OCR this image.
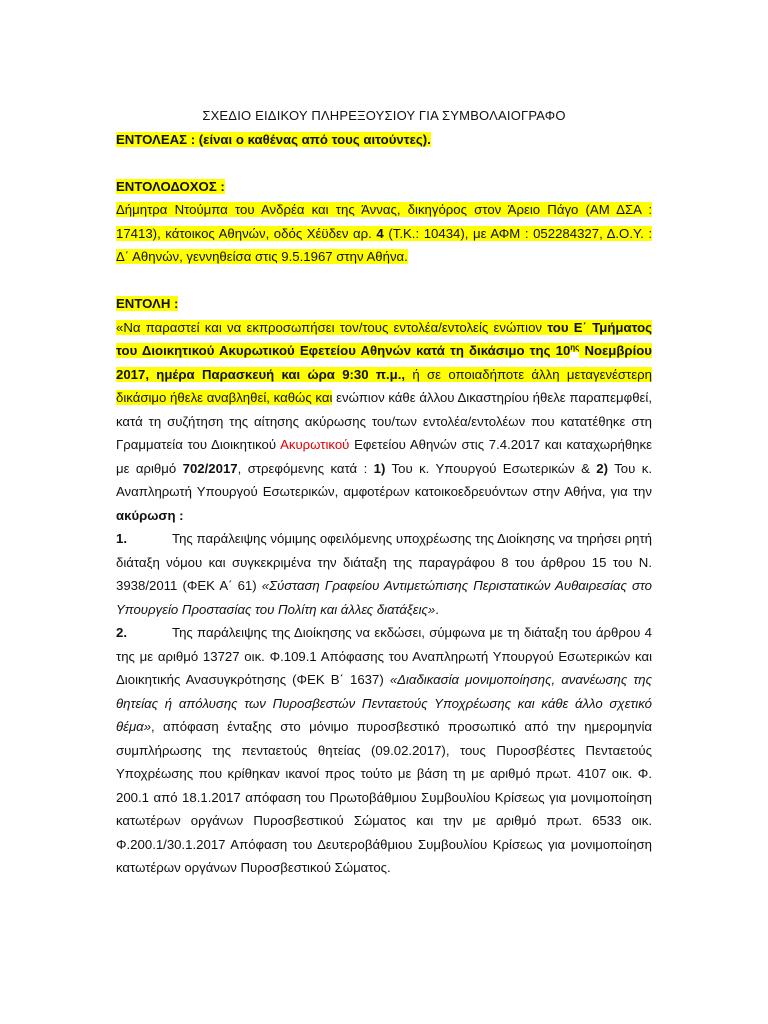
ΣΧΕΔΙΟ ΕΙΔΙΚΟΥ ΠΛΗΡΕΞΟΥΣΙΟΥ ΓΙΑ ΣΥΜΒΟΛΑΙΟΓΡΑΦΟ

ΕΝΤΟΛΕΑΣ : (είναι ο καθένας από τους αιτούντες).

ΕΝΤΟΛΟΔΟΧΟΣ :

Δήμητρα Ντούμπα του Ανδρέα και της Άννας, δικηγόρος στον Άρειο Πάγο (ΑΜ ΔΣΑ : 17413), κάτοικος Αθηνών, οδός Χέϋδεν αρ. 4 (Τ.Κ.: 10434), με ΑΦΜ : 052284327, Δ.Ο.Υ. : Δ΄ Αθηνών, γεννηθείσα στις 9.5.1967 στην Αθήνα.

ΕΝΤΟΛΗ :

«Να παραστεί και να εκπροσωπήσει τον/τους εντολέα/εντολείς ενώπιον του Ε΄ Τμήματος του Διοικητικού Ακυρωτικού Εφετείου Αθηνών κατά τη δικάσιμο της $10^{\eta\varsigma}$ Νοεμβρίου 2017, ημέρα Παρασκευή και ώρα 9:30 π.μ., ή σε οποιαδήποτε άλλη μεταγενέστερη δικάσιμο ήθελε αναβληθεί, καθώς και ενώπιον κάθε άλλου Δικαστηρίου ήθελε παραπεμφθεί, κατά τη συζήτηση της αίτησης ακύρωσης του/των εντολέα/εντολέων που κατατέθηκε στη Γραμματεία του Διοικητικού Ακυρωτικού Εφετείου Αθηνών στις 7.4.2017 και καταχωρήθηκε με αριθμό 702/2017, στρεφόμενης κατά : 1) Του κ. Υπουργού Εσωτερικών & 2) Του κ. Αναπληρωτή Υπουργού Εσωτερικών, αμφοτέρων κατοικοεδρευόντων στην Αθήνα, για την ακύρωση :

1.	Της παράλειψης νόμιμης οφειλόμενης υποχρέωσης της Διοίκησης να τηρήσει ρητή διάταξη νόμου και συγκεκριμένα την διάταξη της παραγράφου 8 του άρθρου 15 του Ν. 3938/2011 (ΦΕΚ Α΄ 61) «Σύσταση Γραφείου Αντιμετώπισης Περιστατικών Αυθαιρεσίας στο Υπουργείο Προστασίας του Πολίτη και άλλες διατάξεις».

2.	Της παράλειψης της Διοίκησης να εκδώσει, σύμφωνα με τη διάταξη του άρθρου 4 της με αριθμό 13727 οικ. Φ.109.1 Απόφασης του Αναπληρωτή Υπουργού Εσωτερικών και Διοικητικής Ανασυγκρότησης (ΦΕΚ Β΄ 1637) «Διαδικασία μονιμοποίησης, ανανέωσης της θητείας ή απόλυσης των Πυροσβεστών Πενταετούς Υποχρέωσης και κάθε άλλο σχετικό θέμα», απόφαση ένταξης στο μόνιμο πυροσβεστικό προσωπικό από την ημερομηνία συμπλήρωσης της πενταετούς θητείας (09.02.2017), τους Πυροσβέστες Πενταετούς Υποχρέωσης που κρίθηκαν ικανοί προς τούτο με βάση τη με αριθμό πρωτ. 4107 οικ. Φ. 200.1 από 18.1.2017 απόφαση του Πρωτοβάθμιου Συμβουλίου Κρίσεως για μονιμοποίηση κατωτέρων οργάνων Πυροσβεστικού Σώματος και την με αριθμό πρωτ. 6533 οικ. Φ.200.1/30.1.2017 Απόφαση του Δευτεροβάθμιου Συμβουλίου Κρίσεως για μονιμοποίηση κατωτέρων οργάνων Πυροσβεστικού Σώματος.
